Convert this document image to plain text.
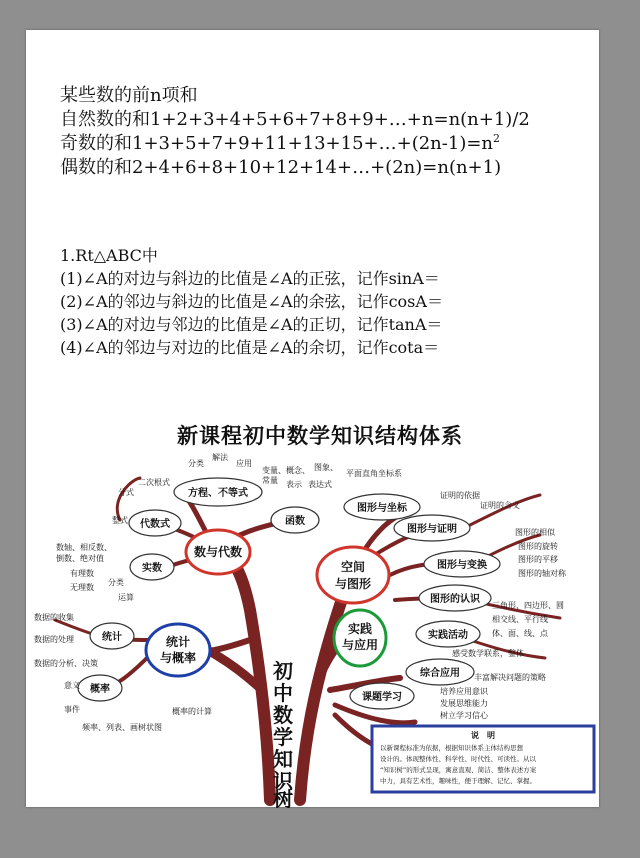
某些数的前n项和
自然数的和1+2+3+4+5+6+7+8+9+…+n=n(n+1)/2
奇数的和$1+3+5+7+9+11+13+15+\dots+(2n-1)=n^2$
偶数的和2+4+6+8+10+12+14+…+(2n)=n(n+1)
1.Rt△ABC中
(1)∠A的对边与斜边的比值是∠A的正弦，记作sinA＝
(2)∠A的邻边与斜边的比值是∠A的余弦，记作cosA＝
(3)∠A的对边与邻边的比值是∠A的正切，记作tanA＝
(4)∠A的邻边与对边的比值是∠A的余切，记作cota＝
新课程初中数学知识结构体系
数与代数
空间
与图形
统计
与概率
实践
与应用
方程、不等式
函数
代数式
实数
图形与坐标
图形与证明
图形与变换
图形的认识
统计
概率
实践活动
综合应用
课题学习
分类
解法
应用
二次根式
分式
整式
变量、概念、
常量
图象、
表示 表达式
数轴、相反数、
倒数、绝对值
有理数
无理数
分类
运算
平面直角坐标系
证明的依据
证明的含义
图形的相似
图形的旋转
图形的平移
图形的轴对称
三角形、四边形、圆
相交线、平行线
体、面、线、点
数据的收集
数据的处理
数据的分析、决策
意义
事件	概率的计算
频率、列表、画树状图
感受数学联系，整体
丰富解决问题的策略
培养应用意识
发展思维能力
树立学习信心
初
中
数
学
知
识
树
说　明
以新课程标准为依据，根据知识体系主体结构思想
设计的。体现整体性、科学性、时代性、可读性。从以
“知识树”的形式呈现，寓意直观、简洁、整体表述方案
中力，具有艺术性，趣味性，便于理解、记忆、掌握。
